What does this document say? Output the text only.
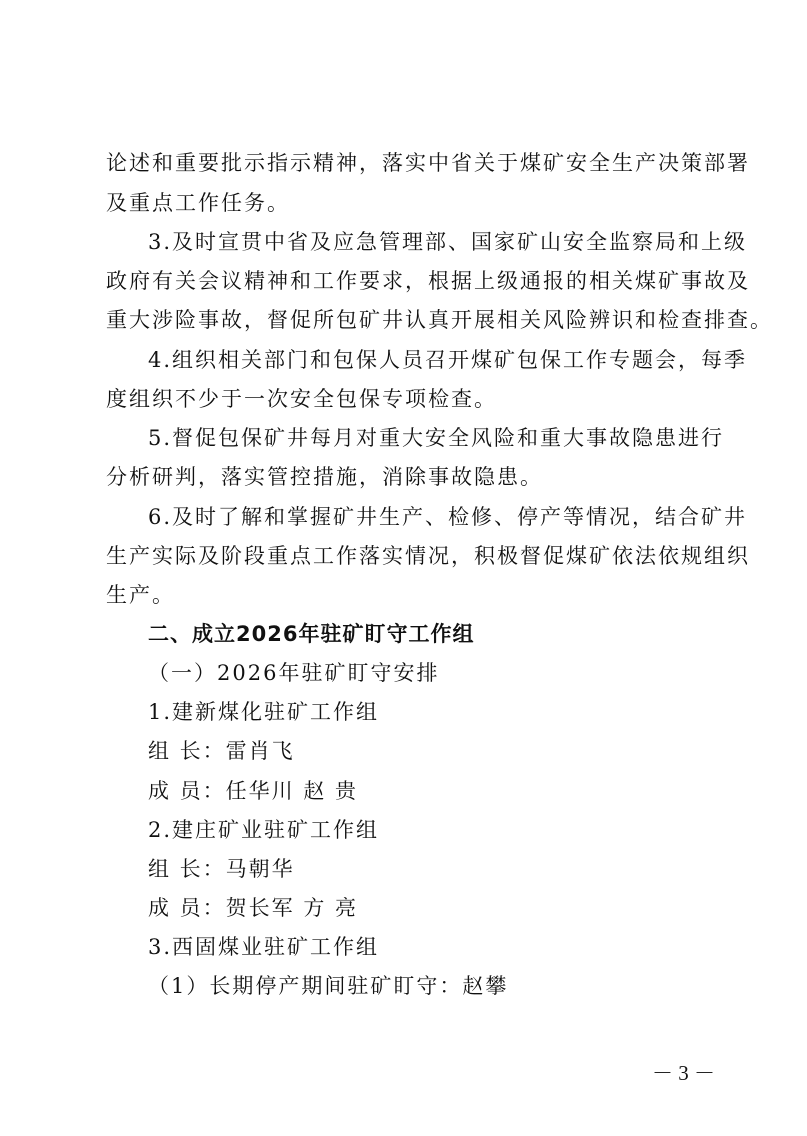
论述和重要批示指示精神，落实中省关于煤矿安全生产决策部署
及重点工作任务。
3.及时宣贯中省及应急管理部、国家矿山安全监察局和上级
政府有关会议精神和工作要求，根据上级通报的相关煤矿事故及
重大涉险事故，督促所包矿井认真开展相关风险辨识和检查排查。
4.组织相关部门和包保人员召开煤矿包保工作专题会，每季
度组织不少于一次安全包保专项检查。
5.督促包保矿井每月对重大安全风险和重大事故隐患进行
分析研判，落实管控措施，消除事故隐患。
6.及时了解和掌握矿井生产、检修、停产等情况，结合矿井
生产实际及阶段重点工作落实情况，积极督促煤矿依法依规组织
生产。
二、成立2026年驻矿盯守工作组
（一）2026年驻矿盯守安排
1.建新煤化驻矿工作组
组 长：雷肖飞
成 员：任华川 赵 贵
2.建庄矿业驻矿工作组
组 长：马朝华
成 员：贺长军 方 亮
3.西固煤业驻矿工作组
（1）长期停产期间驻矿盯守：赵攀
－ 3 －
